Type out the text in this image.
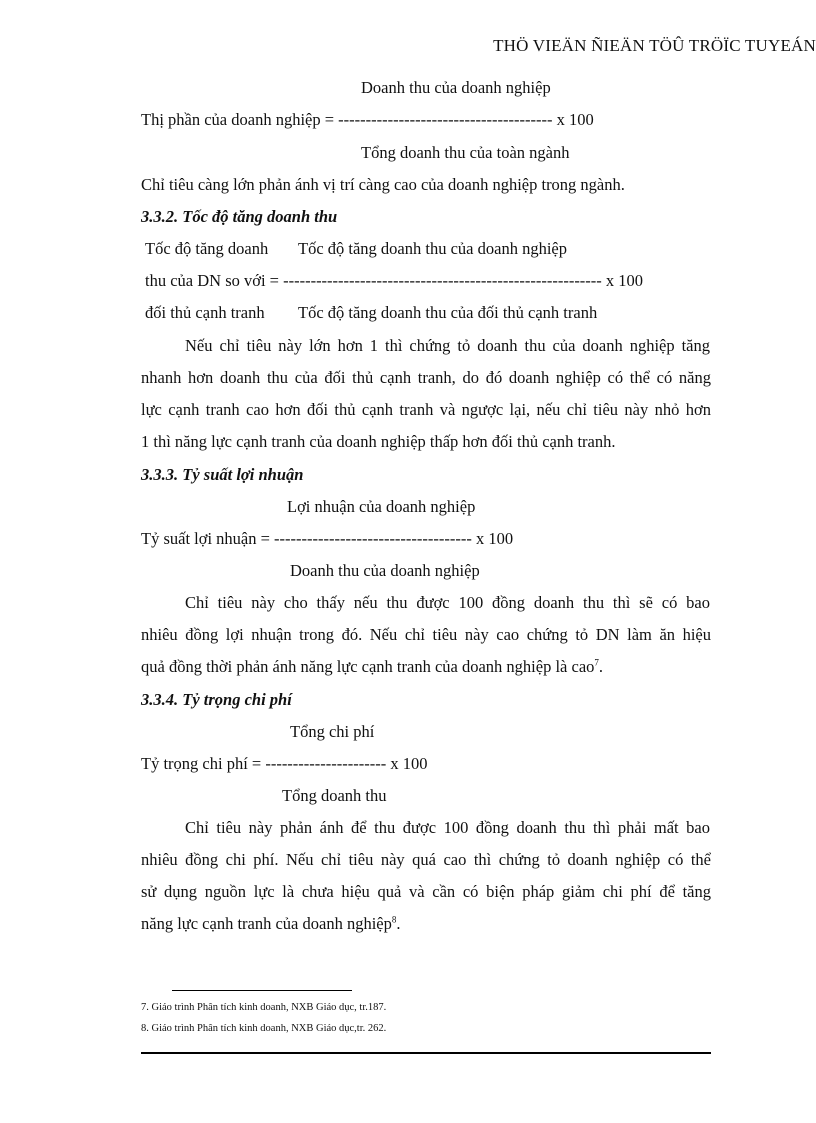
THÖ VIEÄN ÑIEÄN TÖÛ TRÖÏC TUYEÁN
Doanh thu của doanh nghiệp
Thị phần của doanh nghiệp = --------------------------------------- x 100
Tổng doanh thu của toàn ngành
Chỉ tiêu càng lớn phản ánh vị trí càng cao của doanh nghiệp trong ngành.
3.3.2. Tốc độ tăng doanh thu
Tốc độ tăng doanh Tốc độ tăng doanh thu của doanh nghiệp
thu của DN so với = ---------------------------------------------------------- x 100
đối thủ cạnh tranh Tốc độ tăng doanh thu của đối thủ cạnh tranh
Nếu chỉ tiêu này lớn hơn 1 thì chứng tỏ doanh thu của doanh nghiệp tăng
nhanh hơn doanh thu của đối thủ cạnh tranh, do đó doanh nghiệp có thể có năng
lực cạnh tranh cao hơn đối thủ cạnh tranh và ngược lại, nếu chỉ tiêu này nhỏ hơn
1 thì năng lực cạnh tranh của doanh nghiệp thấp hơn đối thủ cạnh tranh.
3.3.3. Tỷ suất lợi nhuận
Lợi nhuận của doanh nghiệp
Tỷ suất lợi nhuận = ------------------------------------ x 100
Doanh thu của doanh nghiệp
Chỉ tiêu này cho thấy nếu thu được 100 đồng doanh thu thì sẽ có bao
nhiêu đồng lợi nhuận trong đó. Nếu chỉ tiêu này cao chứng tỏ DN làm ăn hiệu
quả đồng thời phản ánh năng lực cạnh tranh của doanh nghiệp là cao$^7$.
3.3.4. Tỷ trọng chi phí
Tổng chi phí
Tỷ trọng chi phí = ---------------------- x 100
Tổng doanh thu
Chỉ tiêu này phản ánh để thu được 100 đồng doanh thu thì phải mất bao
nhiêu đồng chi phí. Nếu chỉ tiêu này quá cao thì chứng tỏ doanh nghiệp có thể
sử dụng nguồn lực là chưa hiệu quả và cần có biện pháp giảm chi phí để tăng
năng lực cạnh tranh của doanh nghiệp$^8$.
7. Giáo trình Phân tích kinh doanh, NXB Giáo dục, tr.187.
8. Giáo trình Phân tích kinh doanh, NXB Giáo dục,tr. 262.
